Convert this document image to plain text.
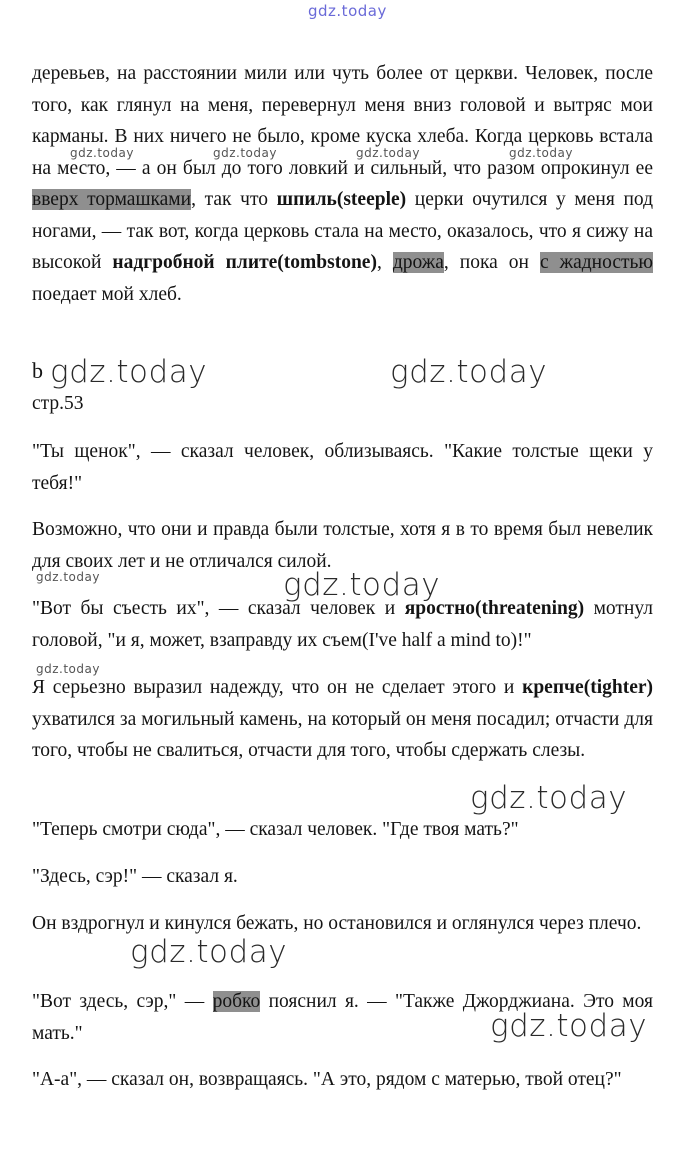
gdz.today

деревьев, на расстоянии мили или чуть более от церкви. Человек, после того, как глянул на меня, перевернул меня вниз головой и вытряс мои карманы. В них ничего не было, кроме куска хлеба. Когда церковь встала на место, — а он был до того ловкий и сильный, что разом опрокинул ее вверх тормашками, так что шпиль(steeple) церки очутился у меня под ногами, — так вот, когда церковь стала на место, оказалось, что я сижу на высокой надгробной плите(tombstone), дрожа, пока он с жадностью поедает мой хлеб.

gdz.today	gdz.today	gdz.today	gdz.today
b gdz.today	gdz.today
стр.53

"Ты щенок", — сказал человек, облизываясь. "Какие толстые щеки у тебя!"

Возможно, что они и правда были толстые, хотя я в то время был невелик для своих лет и не отличался силой.

gdz.today	gdz.today

"Вот бы съесть их", — сказал человек и яростно(threatening) мотнул головой, "и я, может, взаправду их съем(I've half a mind to)!"

gdz.today

Я серьезно выразил надежду, что он не сделает этого и крепче(tighter) ухватился за могильный камень, на который он меня посадил; отчасти для того, чтобы не свалиться, отчасти для того, чтобы сдержать слезы.

gdz.today

"Теперь смотри сюда", — сказал человек. "Где твоя мать?"

"Здесь, сэр!" — сказал я.

Он вздрогнул и кинулся бежать, но остановился и оглянулся через плечо.

gdz.today

"Вот здесь, сэр," — робко пояснил я. — "Также Джорджиана. Это моя мать."	gdz.today

"А-а", — сказал он, возвращаясь. "А это, рядом с матерью, твой отец?"
